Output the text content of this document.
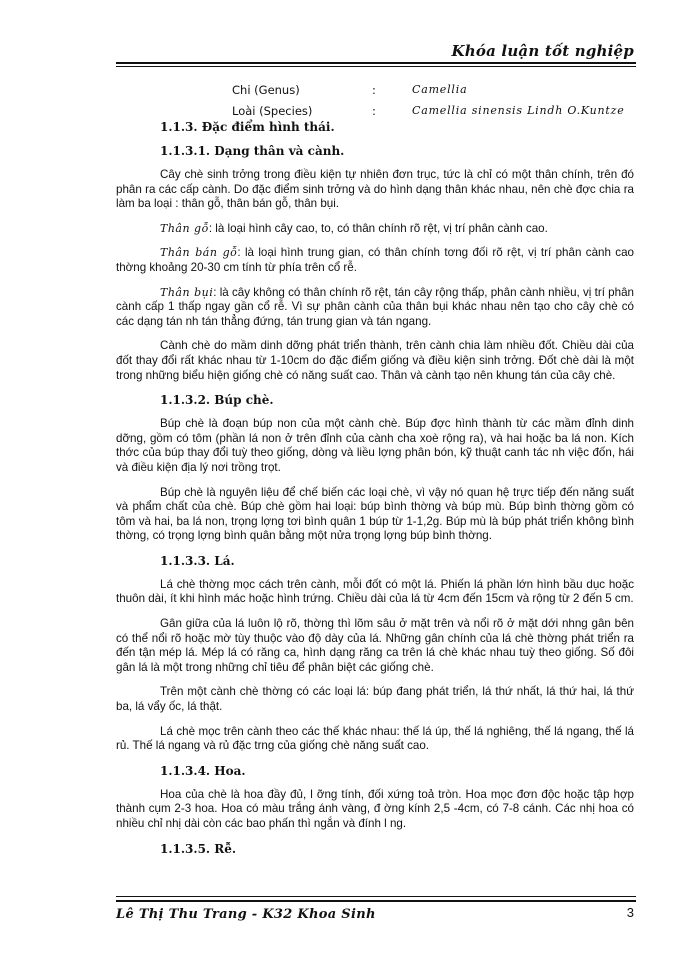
Khóa luận tốt nghiệp
Chi (Genus)	:	Camellia
Loài (Species)	:	Camellia sinensis Lindh O.Kuntze
1.1.3. Đặc điểm hình thái.
1.1.3.1. Dạng thân và cành.

Cây chè sinh trởng trong điều kiện tự nhiên đơn trục, tức là chỉ có một thân chính, trên đó phân ra các cấp cành. Do đặc điểm sinh trởng và do hình dạng thân khác nhau, nên chè đợc chia ra làm ba loại : thân gỗ, thân bán gỗ, thân bụi.

Thân gỗ: là loại hình cây cao, to, có thân chính rõ rệt, vị trí phân cành cao.

Thân bán gỗ: là loại hình trung gian, có thân chính tơng đối rõ rệt, vị trí phân cành cao thờng khoảng 20-30 cm tính từ phía trên cổ rễ.

Thân bụi: là cây không có thân chính rõ rệt, tán cây rộng thấp, phân cành nhiều, vị trí phân cành cấp 1 thấp ngay gần cổ rễ. Vì sự phân cành của thân bụi khác nhau nên tạo cho cây chè có các dạng tán nh tán thẳng đứng, tán trung gian và tán ngang.

Cành chè do mầm dinh dỡng phát triển thành, trên cành chia làm nhiều đốt. Chiều dài của đốt thay đổi rất khác nhau từ 1-10cm do đặc điểm giống và điều kiện sinh trởng. Đốt chè dài là một trong những biểu hiện giống chè có năng suất cao. Thân và cành tạo nên khung tán của cây chè.

1.1.3.2. Búp chè.

Búp chè là đoạn búp non của một cành chè. Búp đợc hình thành từ các mầm đỉnh dinh dỡng, gồm có tôm (phần lá non ở trên đỉnh của cành cha xoè rộng ra), và hai hoặc ba lá non. Kích thớc của búp thay đổi tuỳ theo giống, dòng và liều lợng phân bón, kỹ thuật canh tác nh việc đốn, hái và điều kiện địa lý nơi trồng trọt.

Búp chè là nguyên liệu để chế biến các loại chè, vì vậy nó quan hệ trực tiếp đến năng suất và phẩm chất của chè. Búp chè gồm hai loại: búp bình thờng và búp mù. Búp bình thờng gồm có tôm và hai, ba lá non, trọng lợng tơi bình quân 1 búp từ 1-1,2g. Búp mù là búp phát triển không bình thờng, có trọng lợng bình quân bằng một nửa trọng lợng búp bình thờng.

1.1.3.3. Lá.

Lá chè thờng mọc cách trên cành, mỗi đốt có một lá. Phiến lá phần lớn hình bầu dục hoặc thuôn dài, ít khi hình mác hoặc hình trứng. Chiều dài của lá từ 4cm đến 15cm và rộng từ 2 đến 5 cm.

Gân giữa của lá luôn lộ rõ, thờng thì lõm sâu ở mặt trên và nổi rõ ở mặt dới nhng gân bên có thể nổi rõ hoặc mờ tùy thuộc vào độ dày của lá. Những gân chính của lá chè thờng phát triển ra đến tận mép lá. Mép lá có răng ca, hình dạng răng ca trên lá chè khác nhau tuỳ theo giống. Số đôi gân lá là một trong những chỉ tiêu để phân biệt các giống chè.

Trên một cành chè thờng có các loại lá: búp đang phát triển, lá thứ nhất, lá thứ hai, lá thứ ba, lá vẩy ốc, lá thật.

Lá chè mọc trên cành theo các thế khác nhau: thế lá úp, thế lá nghiêng, thế lá ngang, thế lá rủ. Thế lá ngang và rủ đặc trng của giống chè năng suất cao.

1.1.3.4. Hoa.

Hoa của chè là hoa đầy đủ, l ỡng tính, đối xứng toả tròn. Hoa mọc đơn độc hoặc tập hợp thành cụm 2-3 hoa. Hoa có màu trắng ánh vàng, đ ờng kính 2,5 -4cm, có 7-8 cánh. Các nhị hoa có nhiều chỉ nhị dài còn các bao phấn thì ngắn và đính l ng.

1.1.3.5. Rễ.
Lê Thị Thu Trang - K32 Khoa Sinh	3
